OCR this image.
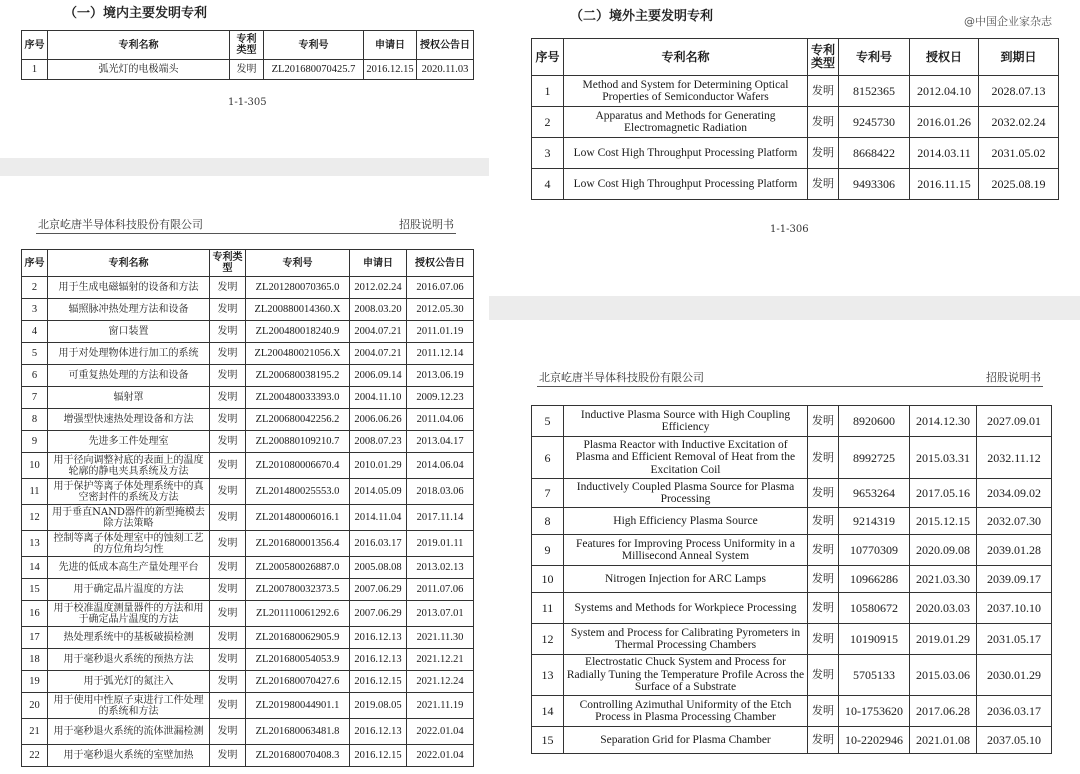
（一）境内主要发明专利
序号	专利名称	专利类型	专利号	申请日	授权公告日
1	弧光灯的电极端头	发明	ZL201680070425.7	2016.12.15	2020.11.03
1-1-305
北京屹唐半导体科技股份有限公司	招股说明书
序号	专利名称	专利类型	专利号	申请日	授权公告日
2	用于生成电磁辐射的设备和方法	发明	ZL201280070365.0	2012.02.24	2016.07.06
3	辐照脉冲热处理方法和设备	发明	ZL200880014360.X	2008.03.20	2012.05.30
4	窗口装置	发明	ZL200480018240.9	2004.07.21	2011.01.19
5	用于对处理物体进行加工的系统	发明	ZL200480021056.X	2004.07.21	2011.12.14
6	可重复热处理的方法和设备	发明	ZL200680038195.2	2006.09.14	2013.06.19
7	辐射罩	发明	ZL200480033393.0	2004.11.10	2009.12.23
8	增强型快速热处理设备和方法	发明	ZL200680042256.2	2006.06.26	2011.04.06
9	先进多工件处理室	发明	ZL200880109210.7	2008.07.23	2013.04.17
10	用于径向调整衬底的表面上的温度轮廓的静电夹具系统及方法	发明	ZL201080006670.4	2010.01.29	2014.06.04
11	用于保护等离子体处理系统中的真空密封件的系统及方法	发明	ZL201480025553.0	2014.05.09	2018.03.06
12	用于垂直NAND器件的新型掩模去除方法策略	发明	ZL201480006016.1	2014.11.04	2017.11.14
13	控制等离子体处理室中的蚀刻工艺的方位角均匀性	发明	ZL201680001356.4	2016.03.17	2019.01.11
14	先进的低成本高生产量处理平台	发明	ZL200580026887.0	2005.08.08	2013.02.13
15	用于确定晶片温度的方法	发明	ZL200780032373.5	2007.06.29	2011.07.06
16	用于校准温度测量器件的方法和用于确定晶片温度的方法	发明	ZL201110061292.6	2007.06.29	2013.07.01
17	热处理系统中的基板破损检测	发明	ZL201680062905.9	2016.12.13	2021.11.30
18	用于毫秒退火系统的预热方法	发明	ZL201680054053.9	2016.12.13	2021.12.21
19	用于弧光灯的氮注入	发明	ZL201680070427.6	2016.12.15	2021.12.24
20	用于使用中性原子束进行工件处理的系统和方法	发明	ZL201980044901.1	2019.08.05	2021.11.19
21	用于毫秒退火系统的流体泄漏检测	发明	ZL201680063481.8	2016.12.13	2022.01.04
22	用于毫秒退火系统的室壁加热	发明	ZL201680070408.3	2016.12.15	2022.01.04
（二）境外主要发明专利	@中国企业家杂志
序号	专利名称	专利类型	专利号	授权日	到期日
1	Method and System for Determining Optical Properties of Semiconductor Wafers	发明	8152365	2012.04.10	2028.07.13
2	Apparatus and Methods for Generating Electromagnetic Radiation	发明	9245730	2016.01.26	2032.02.24
3	Low Cost High Throughput Processing Platform	发明	8668422	2014.03.11	2031.05.02
4	Low Cost High Throughput Processing Platform	发明	9493306	2016.11.15	2025.08.19
1-1-306
北京屹唐半导体科技股份有限公司	招股说明书
5	Inductive Plasma Source with High Coupling Efficiency	发明	8920600	2014.12.30	2027.09.01
6	Plasma Reactor with Inductive Excitation of Plasma and Efficient Removal of Heat from the Excitation Coil	发明	8992725	2015.03.31	2032.11.12
7	Inductively Coupled Plasma Source for Plasma Processing	发明	9653264	2017.05.16	2034.09.02
8	High Efficiency Plasma Source	发明	9214319	2015.12.15	2032.07.30
9	Features for Improving Process Uniformity in a Millisecond Anneal System	发明	10770309	2020.09.08	2039.01.28
10	Nitrogen Injection for ARC Lamps	发明	10966286	2021.03.30	2039.09.17
11	Systems and Methods for Workpiece Processing	发明	10580672	2020.03.03	2037.10.10
12	System and Process for Calibrating Pyrometers in Thermal Processing Chambers	发明	10190915	2019.01.29	2031.05.17
13	Electrostatic Chuck System and Process for Radially Tuning the Temperature Profile Across the Surface of a Substrate	发明	5705133	2015.03.06	2030.01.29
14	Controlling Azimuthal Uniformity of the Etch Process in Plasma Processing Chamber	发明	10-1753620	2017.06.28	2036.03.17
15	Separation Grid for Plasma Chamber	发明	10-2202946	2021.01.08	2037.05.10
